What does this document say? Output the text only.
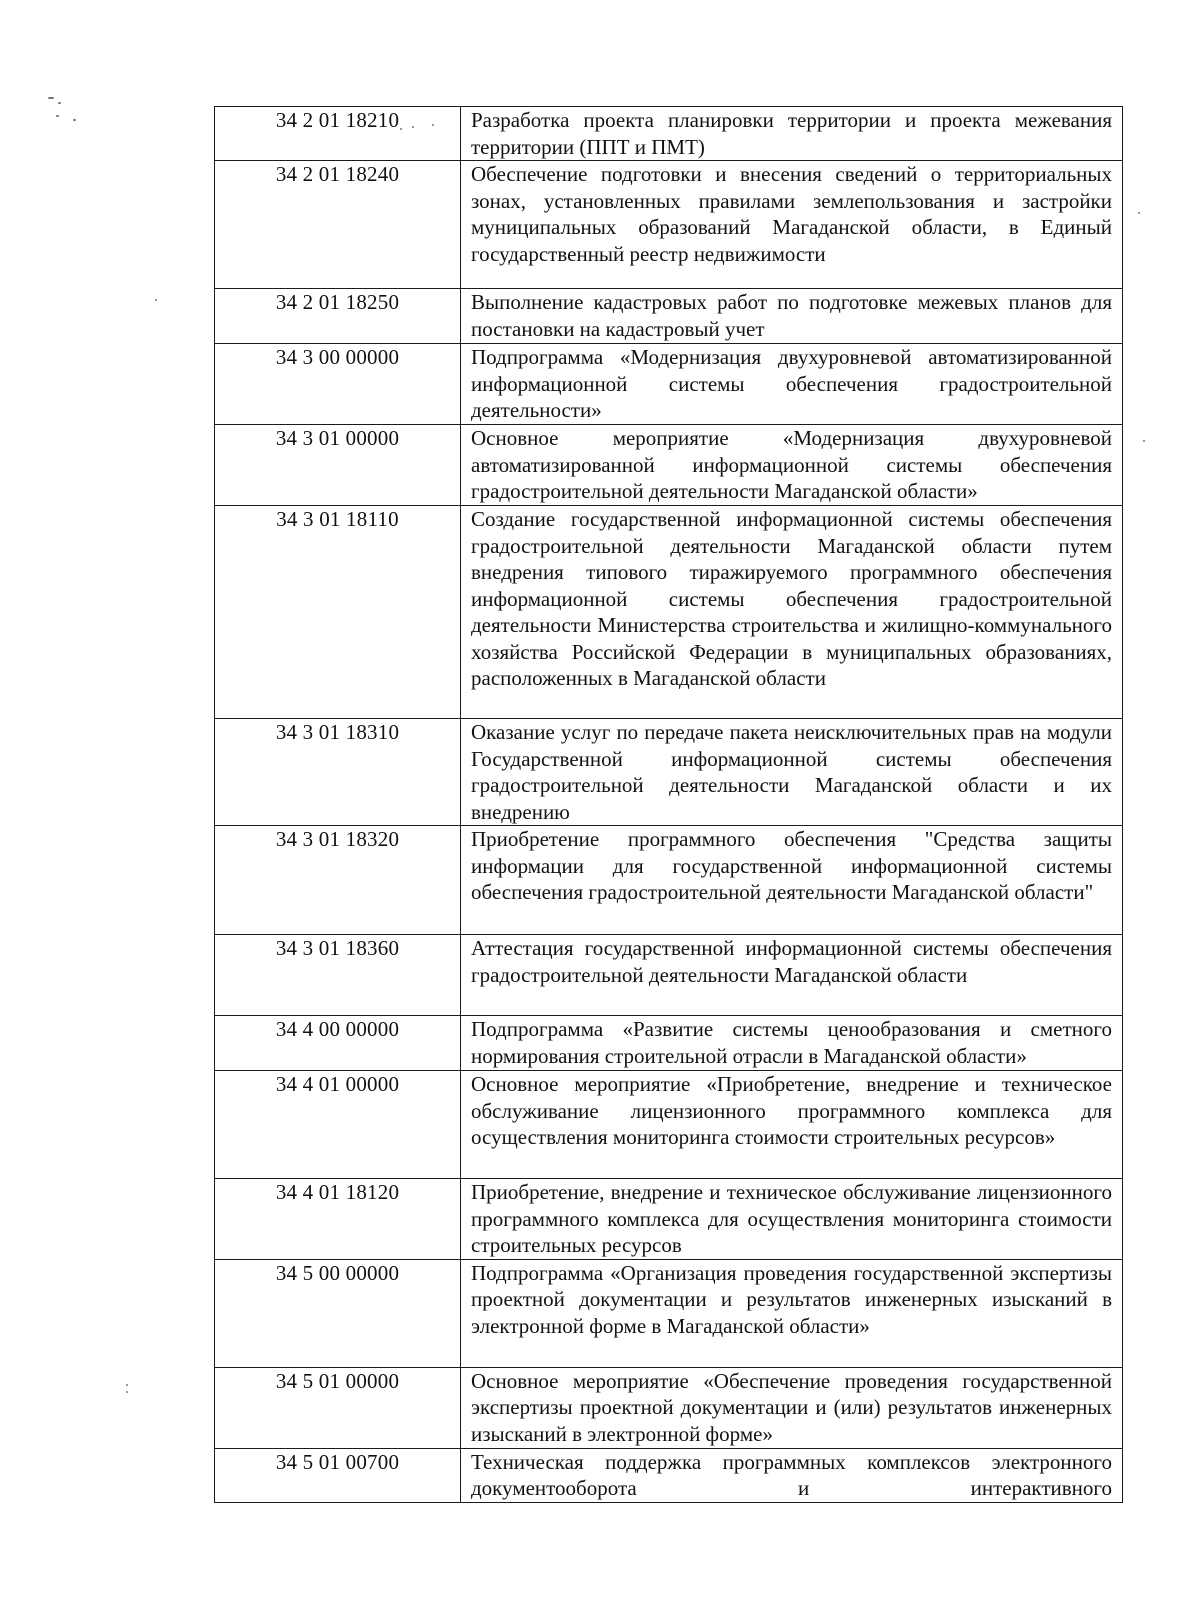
34 2 01 18210	Разработка проекта планировки территории и проекта межевания территории (ППТ и ПМТ)
34 2 01 18240	Обеспечение подготовки и внесения сведений о территориальных зонах, установленных правилами землепользования и застройки муниципальных образований Магаданской области, в Единый государственный реестр недвижимости
34 2 01 18250	Выполнение кадастровых работ по подготовке межевых планов для постановки на кадастровый учет
34 3 00 00000	Подпрограмма «Модернизация двухуровневой автоматизированной информационной системы обеспечения градостроительной деятельности»
34 3 01 00000	Основное мероприятие «Модернизация двухуровневой автоматизированной информационной системы обеспечения градостроительной деятельности Магаданской области»
34 3 01 18110	Создание государственной информационной системы обеспечения градостроительной деятельности Магаданской области путем внедрения типового тиражируемого программного обеспечения информационной системы обеспечения градостроительной деятельности Министерства строительства и жилищно-коммунального хозяйства Российской Федерации в муниципальных образованиях, расположенных в Магаданской области
34 3 01 18310	Оказание услуг по передаче пакета неисключительных прав на модули Государственной информационной системы обеспечения градостроительной деятельности Магаданской области и их внедрению
34 3 01 18320	Приобретение программного обеспечения "Средства защиты информации для государственной информационной системы обеспечения градостроительной деятельности Магаданской области"
34 3 01 18360	Аттестация государственной информационной системы обеспечения градостроительной деятельности Магаданской области
34 4 00 00000	Подпрограмма «Развитие системы ценообразования и сметного нормирования строительной отрасли в Магаданской области»
34 4 01 00000	Основное мероприятие «Приобретение, внедрение и техническое обслуживание лицензионного программного комплекса для осуществления мониторинга стоимости строительных ресурсов»
34 4 01 18120	Приобретение, внедрение и техническое обслуживание лицензионного программного комплекса для осуществления мониторинга стоимости строительных ресурсов
34 5 00 00000	Подпрограмма «Организация проведения государственной экспертизы проектной документации и результатов инженерных изысканий в электронной форме в Магаданской области»
34 5 01 00000	Основное мероприятие «Обеспечение проведения государственной экспертизы проектной документации и (или) результатов инженерных изысканий в электронной форме»
34 5 01 00700	Техническая поддержка программных комплексов электронного документооборота и интерактивного
